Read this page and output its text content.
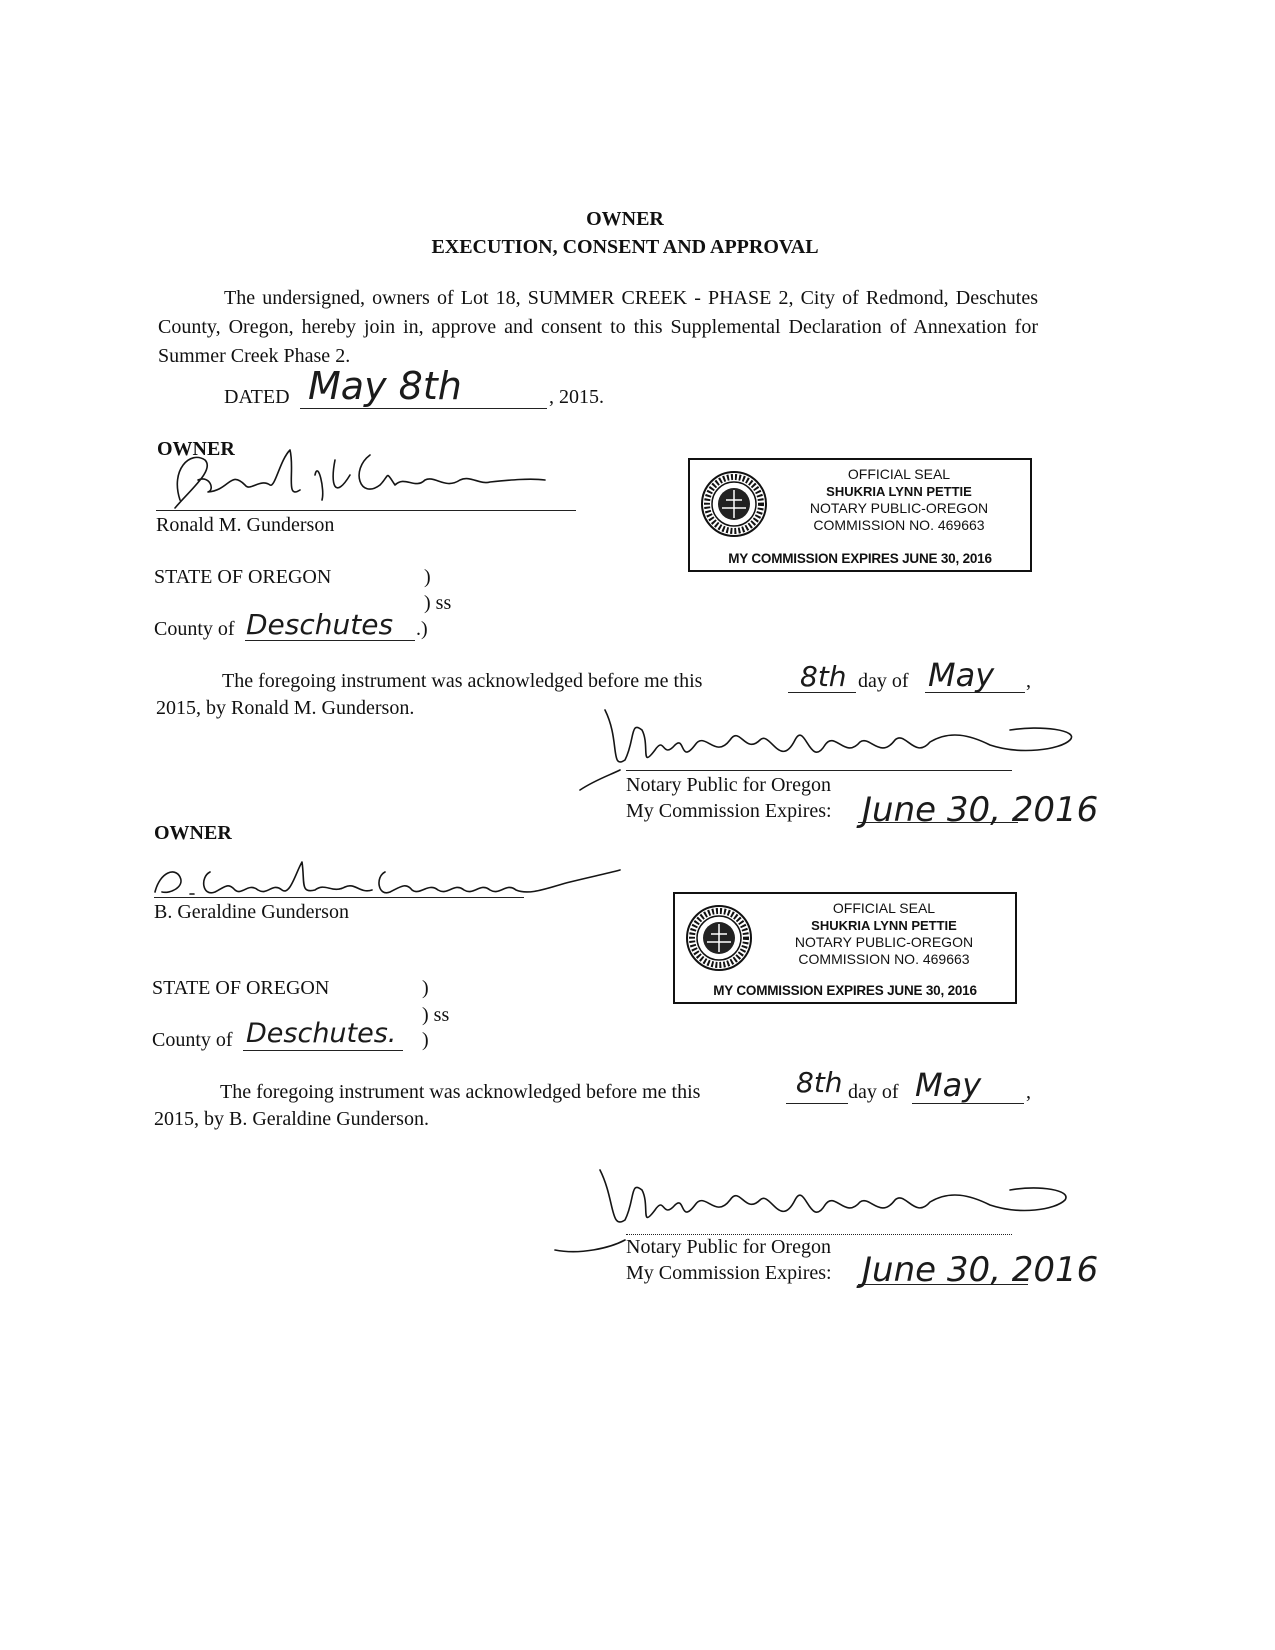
OWNER
EXECUTION, CONSENT AND APPROVAL
The undersigned, owners of Lot 18, SUMMER CREEK - PHASE 2, City of Redmond, Deschutes County, Oregon, hereby join in, approve and consent to this Supplemental Declaration of Annexation for Summer Creek Phase 2.
DATED May 8th	, 2015.
OWNER
Ronald M. Gunderson
STATE OF OREGON	)
) ss
County of Deschutes .)
OFFICIAL SEAL
SHUKRIA LYNN PETTIE
NOTARY PUBLIC-OREGON
COMMISSION NO. 469663
MY COMMISSION EXPIRES JUNE 30, 2016
The foregoing instrument was acknowledged before me this	8th day of May ,
2015, by Ronald M. Gunderson.
Notary Public for Oregon
My Commission Expires: June 30, 2016
OWNER
B. Geraldine Gunderson
STATE OF OREGON	)
) ss
County of Deschutes. )
OFFICIAL SEAL
SHUKRIA LYNN PETTIE
NOTARY PUBLIC-OREGON
COMMISSION NO. 469663
MY COMMISSION EXPIRES JUNE 30, 2016
The foregoing instrument was acknowledged before me this	8th day of May ,
2015, by B. Geraldine Gunderson.
Notary Public for Oregon
My Commission Expires: June 30, 2016
